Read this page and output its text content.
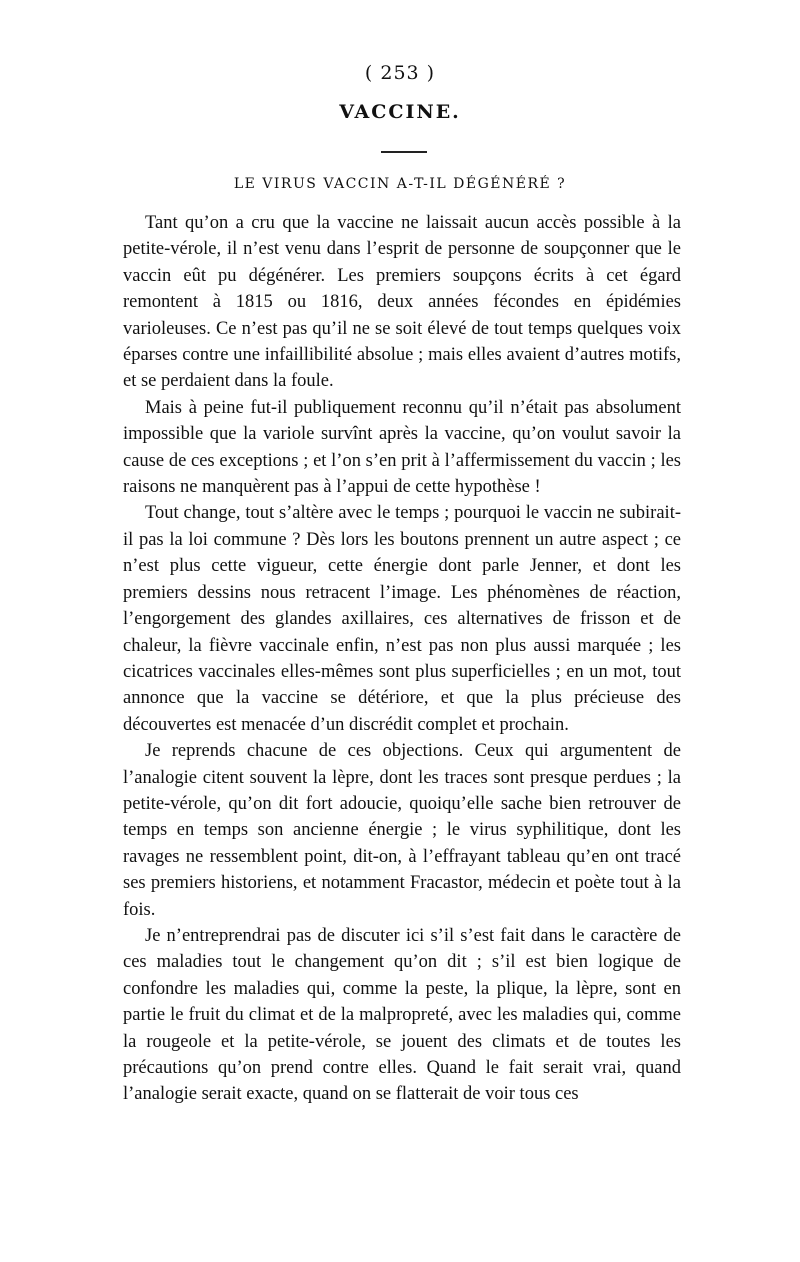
( 253 )
VACCINE.
LE VIRUS VACCIN A-T-IL DÉGÉNÉRÉ ?

Tant qu’on a cru que la vaccine ne laissait aucun accès possible à la petite-vérole, il n’est venu dans l’esprit de personne de soupçonner que le vaccin eût pu dégénérer. Les premiers soupçons écrits à cet égard remontent à 1815 ou 1816, deux années fécondes en épidémies varioleuses. Ce n’est pas qu’il ne se soit élevé de tout temps quelques voix éparses contre une infaillibilité absolue ; mais elles avaient d’autres motifs, et se perdaient dans la foule.

Mais à peine fut-il publiquement reconnu qu’il n’était pas absolument impossible que la variole survînt après la vaccine, qu’on voulut savoir la cause de ces exceptions ; et l’on s’en prit à l’affermissement du vaccin ; les raisons ne manquèrent pas à l’appui de cette hypothèse !

Tout change, tout s’altère avec le temps ; pourquoi le vaccin ne subirait-il pas la loi commune ? Dès lors les boutons prennent un autre aspect ; ce n’est plus cette vigueur, cette énergie dont parle Jenner, et dont les premiers dessins nous retracent l’image. Les phénomènes de réaction, l’engorgement des glandes axillaires, ces alternatives de frisson et de chaleur, la fièvre vaccinale enfin, n’est pas non plus aussi marquée ; les cicatrices vaccinales elles-mêmes sont plus superficielles ; en un mot, tout annonce que la vaccine se détériore, et que la plus précieuse des découvertes est menacée d’un discrédit complet et prochain.

Je reprends chacune de ces objections. Ceux qui argumentent de l’analogie citent souvent la lèpre, dont les traces sont presque perdues ; la petite-vérole, qu’on dit fort adoucie, quoiqu’elle sache bien retrouver de temps en temps son ancienne énergie ; le virus syphilitique, dont les ravages ne ressemblent point, dit-on, à l’effrayant tableau qu’en ont tracé ses premiers historiens, et notamment Fracastor, médecin et poète tout à la fois.

Je n’entreprendrai pas de discuter ici s’il s’est fait dans le caractère de ces maladies tout le changement qu’on dit ; s’il est bien logique de confondre les maladies qui, comme la peste, la plique, la lèpre, sont en partie le fruit du climat et de la malpropreté, avec les maladies qui, comme la rougeole et la petite-vérole, se jouent des climats et de toutes les précautions qu’on prend contre elles. Quand le fait serait vrai, quand l’analogie serait exacte, quand on se flatterait de voir tous ces
